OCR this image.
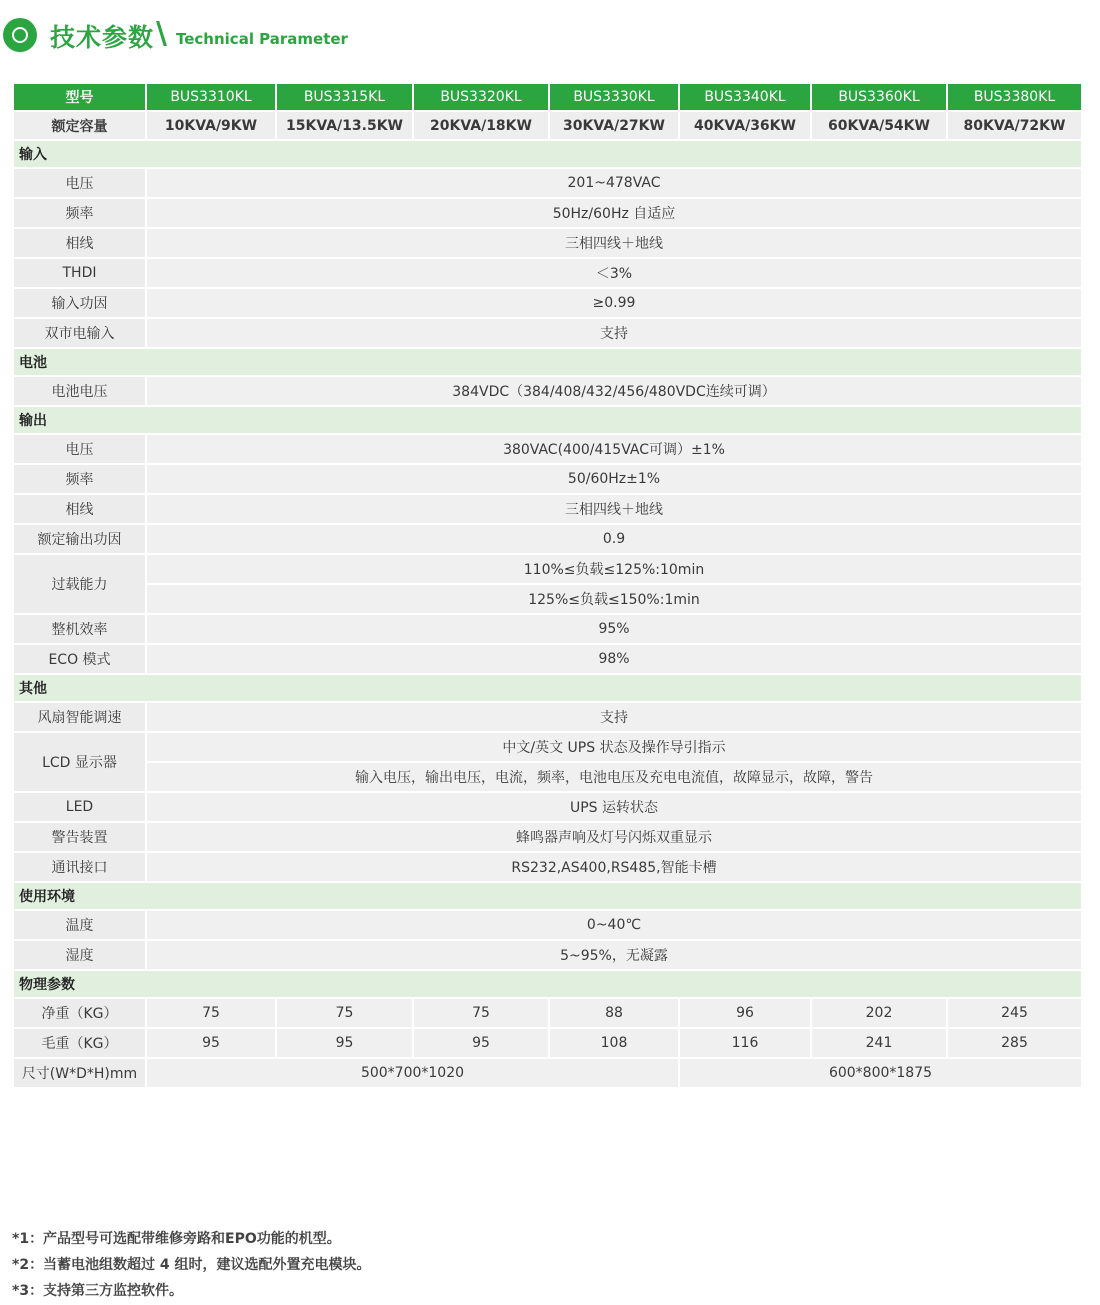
技术参数 \ Technical Parameter
型号	BUS3310KL	BUS3315KL	BUS3320KL	BUS3330KL	BUS3340KL	BUS3360KL	BUS3380KL
额定容量	10KVA/9KW	15KVA/13.5KW	20KVA/18KW	30KVA/27KW	40KVA/36KW	60KVA/54KW	80KVA/72KW
输入							
电压	201~478VAC						
频率	50Hz/60Hz 自适应						
相线	三相四线＋地线						
THDI	＜3%						
输入功因	≥0.99						
双市电输入	支持						
电池							
电池电压	384VDC（384/408/432/456/480VDC连续可调）						
输出							
电压	380VAC(400/415VAC可调）±1%						
频率	50/60Hz±1%						
相线	三相四线＋地线						
额定输出功因	0.9						
过载能力	110%≤负载≤125%:10min						
	125%≤负载≤150%:1min						
整机效率	95%						
ECO 模式	98%						
其他							
风扇智能调速	支持						
LCD 显示器	中文/英文 UPS 状态及操作导引指示						
	输入电压，输出电压，电流，频率，电池电压及充电电流值，故障显示，故障，警告						
LED	UPS 运转状态						
警告装置	蜂鸣器声响及灯号闪烁双重显示						
通讯接口	RS232,AS400,RS485,智能卡槽						
使用环境							
温度	0~40℃						
湿度	5~95%，无凝露						
物理参数							
净重（KG）	75	75	75	88	96	202	245
毛重（KG）	95	95	95	108	116	241	285
尺寸(W*D*H)mm	500*700*1020				600*800*1875		
*1：产品型号可选配带维修旁路和EPO功能的机型。
*2：当蓄电池组数超过 4 组时，建议选配外置充电模块。
*3：支持第三方监控软件。
